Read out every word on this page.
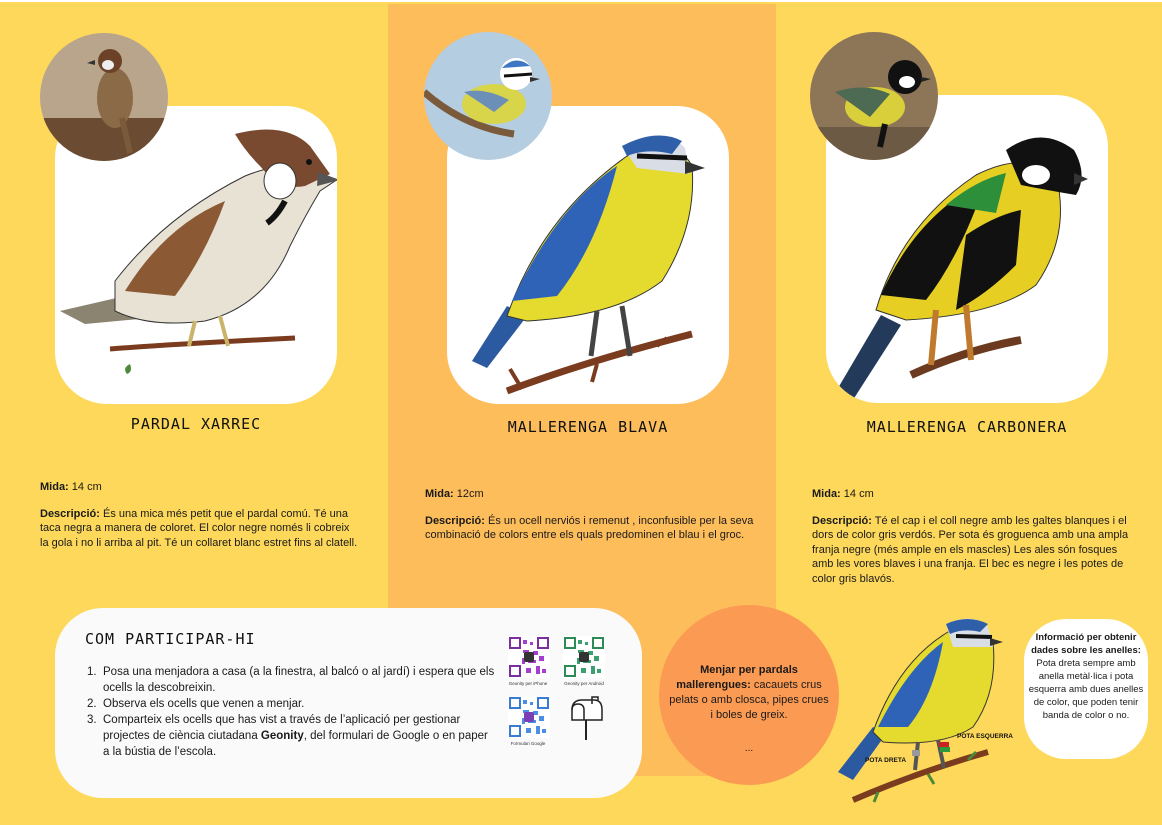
PARDAL XARREC

Mida: 14 cm

Descripció: És una mica més petit que el pardal comú. Té una taca negra a manera de coloret. El color negre només li cobreix la gola i no li arriba al pit. Té un collaret blanc estret fins al clatell.

MALLERENGA BLAVA

Mida: 12cm

Descripció: És un ocell nerviós i remenut , inconfusible per la seva combinació de colors entre els quals predominen el blau i el groc.

MALLERENGA CARBONERA

Mida: 14 cm

Descripció: Té el cap i el coll negre amb les galtes blanques i el dors de color gris verdós. Per sota és groguenca amb una ampla franja negre (més ample en els mascles) Les ales són fosques amb les vores blaves i una franja. El bec es negre i les potes de color gris blavós.

COM PARTICIPAR-HI
1. Posa una menjadora a casa (a la finestra, al balcó o al jardí) i espera que els ocells la descobreixin.
2. Observa els ocells que venen a menjar.
3. Comparteix els ocells que has vist a través de l’aplicació per gestionar projectes de ciència ciutadana Geonity, del formulari de Google o en paper a la bústia de l’escola.
Geonity per iPhone	Geonity per Android
Formulari Google
Menjar per pardals mallerengues: cacauets crus pelats o amb closca, pipes crues i boles de greix.
...
POTA DRETA
POTA ESQUERRA
Informació per obtenir dades sobre les anelles:
Pota dreta sempre amb anella metàl·lica i pota esquerra amb dues anelles de color, que poden tenir banda de color o no.
